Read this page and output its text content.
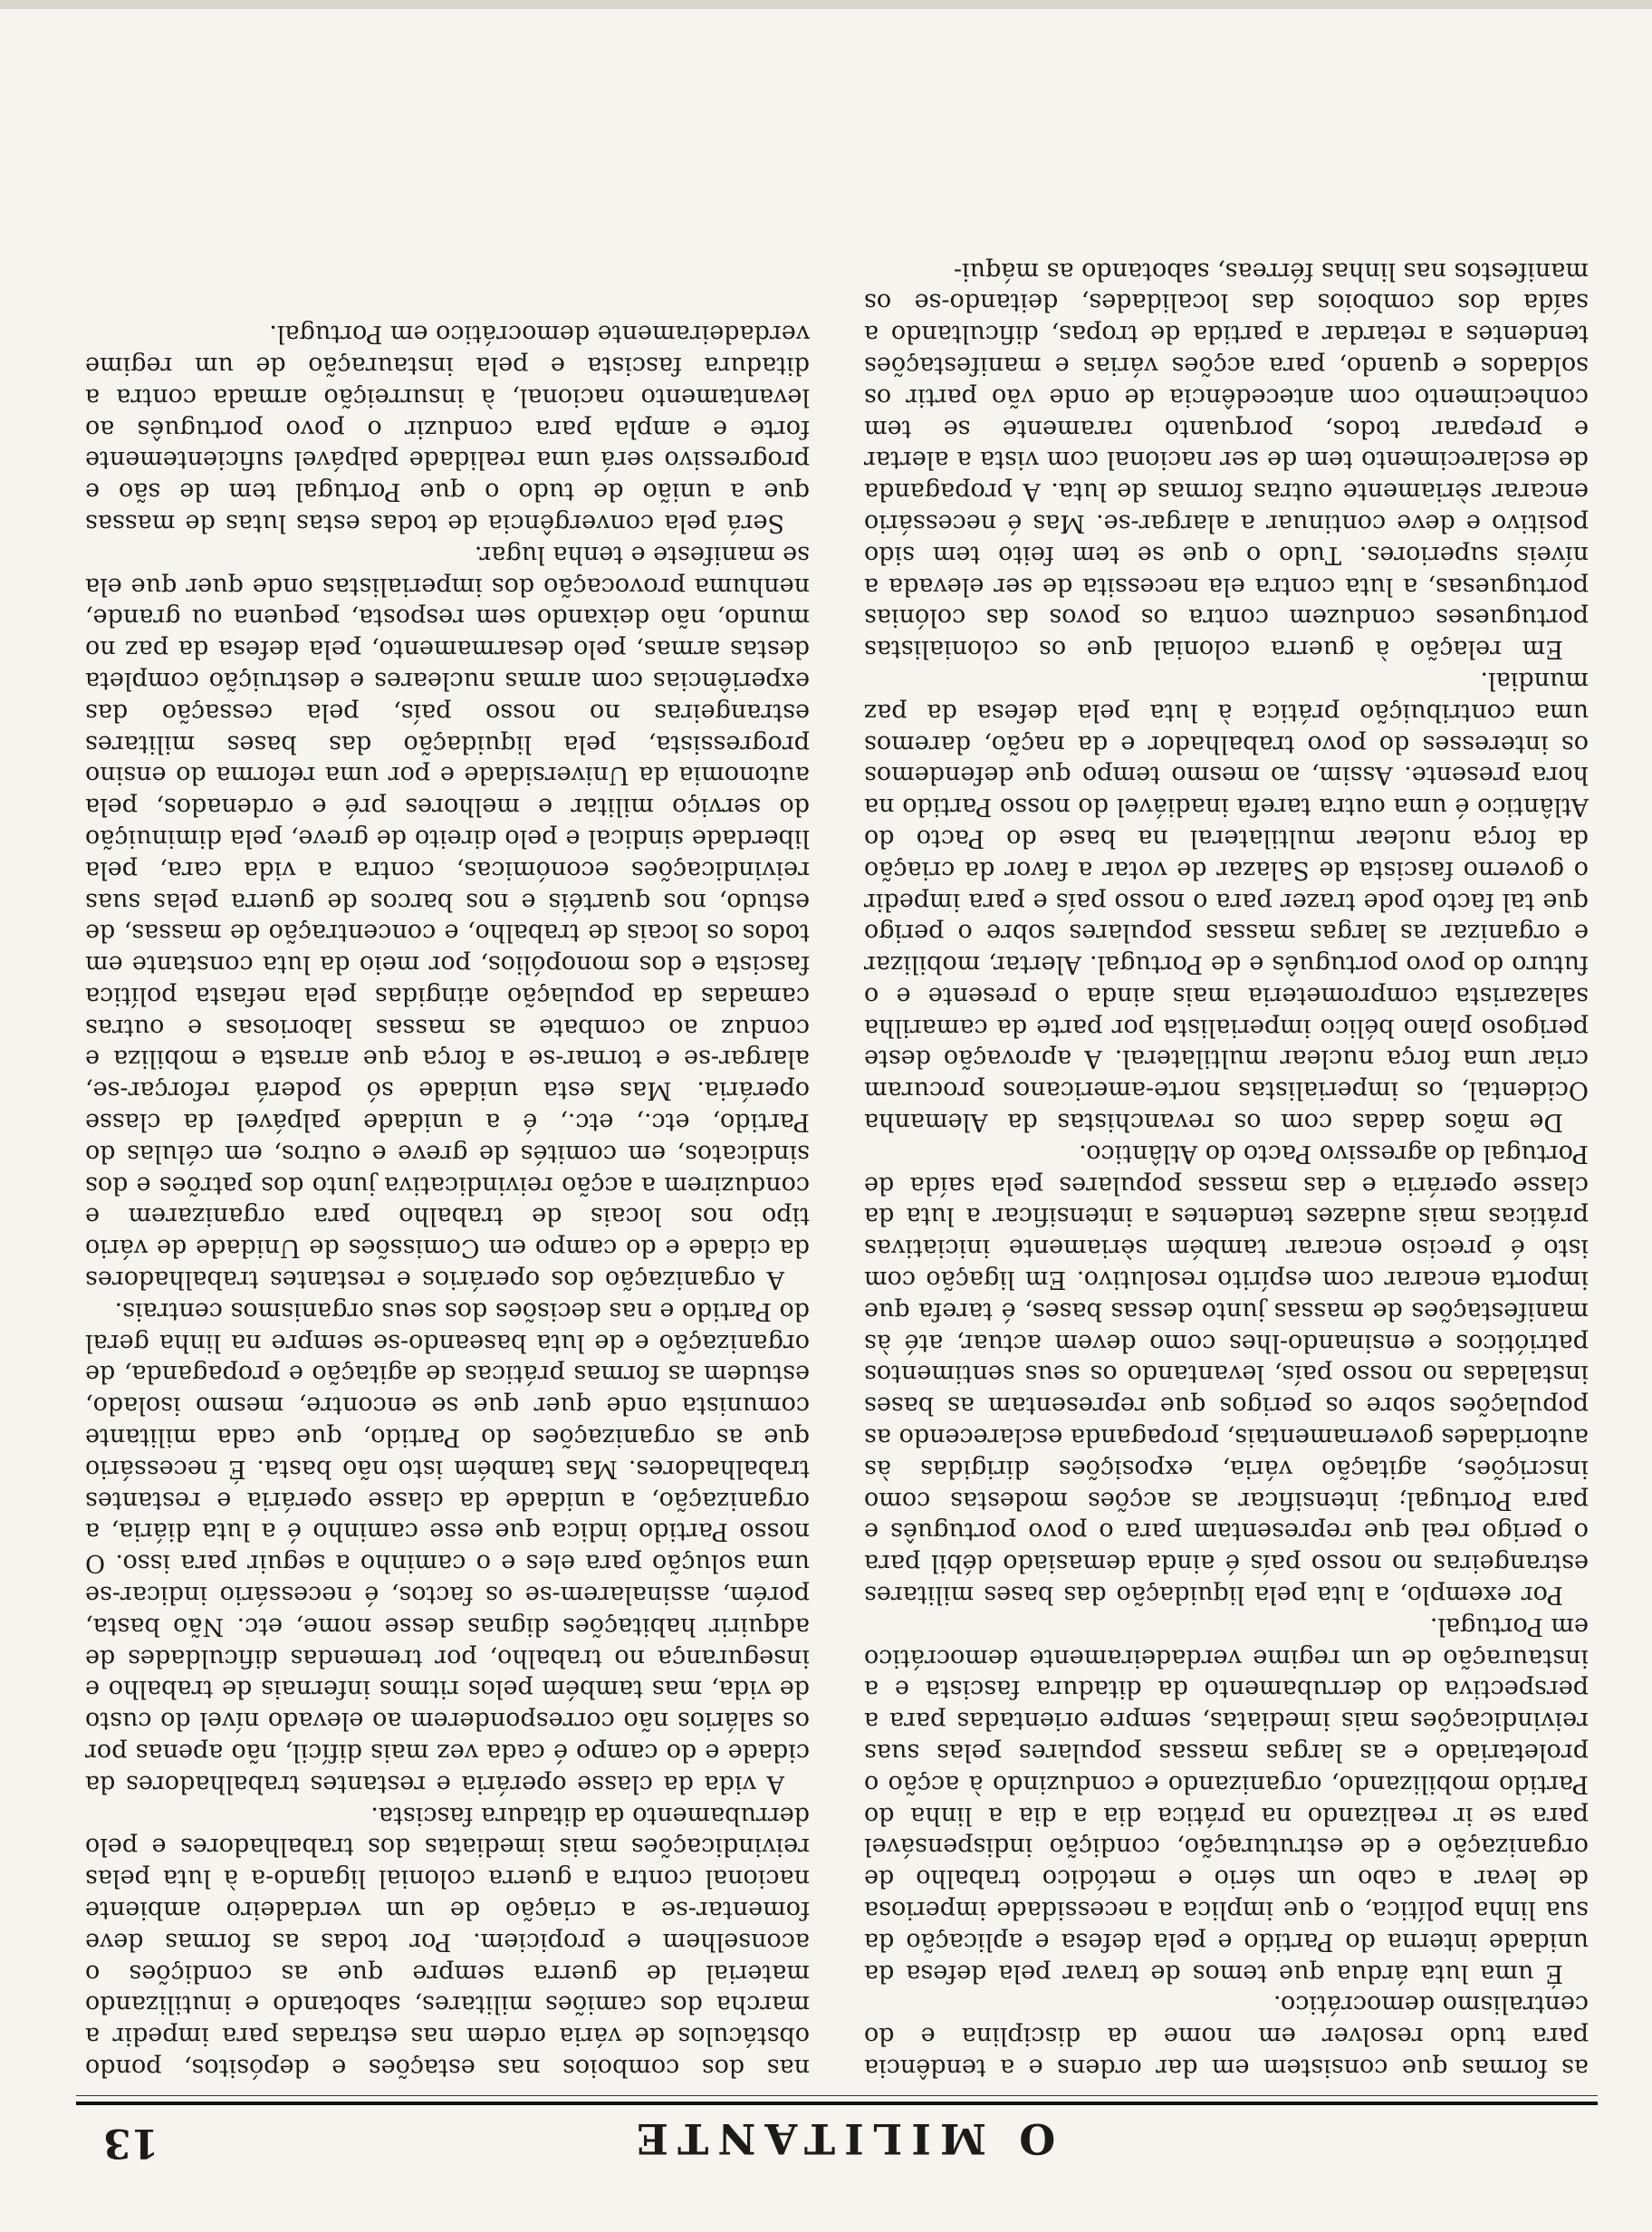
O MILITANTE
13

as formas que consistem em dar ordens e a tendência para tudo resolver em nome da disciplina e do centralismo democrático.

É uma luta árdua que temos de travar pela defesa da unidade interna do Partido e pela defesa e aplicação da sua linha política, o que implica a necessidade imperiosa de levar a cabo um sério e metódico trabalho de organização e de estruturação, condição indispensável para se ir realizando na prática dia a dia a linha do Partido mobilizando, organizando e conduzindo à acção o proletariado e as largas massas populares pelas suas reivindicações mais imediatas, sempre orientadas para a perspectiva do derrubamento da ditadura fascista e a instauração de um regime verdadeiramente democrático em Portugal.

Por exemplo, a luta pela liquidação das bases militares estrangeiras no nosso país é ainda demasiado débil para o perigo real que representam para o povo português e para Portugal; intensificar as acções modestas como inscrições, agitação vária, exposições dirigidas às autoridades governamentais, propaganda esclarecendo as populações sobre os perigos que representam as bases instaladas no nosso país, levantando os seus sentimentos patrióticos e ensinando-lhes como devem actuar, até às manifestações de massas junto dessas bases, é tarefa que importa encarar com espírito resolutivo. Em ligação com isto é preciso encarar também sèriamente iniciativas práticas mais audazes tendentes a intensificar a luta da classe operária e das massas populares pela saída de Portugal do agressivo Pacto do Atlântico.

De mãos dadas com os revanchistas da Alemanha Ocidental, os imperialistas norte-americanos procuram criar uma força nuclear multilateral. A aprovação deste perigoso plano bélico imperialista por parte da camarilha salazarista comprometeria mais ainda o presente e o futuro do povo português e de Portugal. Alertar, mobilizar e organizar as largas massas populares sobre o perigo que tal facto pode trazer para o nosso país e para impedir o governo fascista de Salazar de votar a favor da criação da força nuclear multilateral na base do Pacto do Atlântico é uma outra tarefa inadiável do nosso Partido na hora presente. Assim, ao mesmo tempo que defendemos os interesses do povo trabalhador e da nação, daremos uma contribuição prática à luta pela defesa da paz mundial.

Em relação à guerra colonial que os colonialistas portugueses conduzem contra os povos das colónias portuguesas, a luta contra ela necessita de ser elevada a níveis superiores. Tudo o que se tem feito tem sido positivo e deve continuar a alargar-se. Mas é necessário encarar sèriamente outras formas de luta. A propaganda de esclarecimento tem de ser nacional com vista a alertar e preparar todos, porquanto raramente se tem conhecimento com antecedência de onde vão partir os soldados e quando, para acções várias e manifestações tendentes a retardar a partida de tropas, dificultando a saída dos comboios das localidades, deitando-se os manifestos nas linhas férreas, sabotando as máqui-

nas dos comboios nas estações e depósitos, pondo obstáculos de vária ordem nas estradas para impedir a marcha dos camiões militares, sabotando e inutilizando material de guerra sempre que as condições o aconselhem e propiciem. Por todas as formas deve fomentar-se a criação de um verdadeiro ambiente nacional contra a guerra colonial ligando-a à luta pelas reivindicações mais imediatas dos trabalhadores e pelo derrubamento da ditadura fascista.

A vida da classe operária e restantes trabalhadores da cidade e do campo é cada vez mais difícil, não apenas por os salários não corresponderem ao elevado nível do custo de vida, mas também pelos ritmos infernais de trabalho e insegurança no trabalho, por tremendas dificuldades de adquirir habitações dignas desse nome, etc. Não basta, porém, assinalarem-se os factos, é necessário indicar-se uma solução para eles e o caminho a seguir para isso. O nosso Partido indica que esse caminho é a luta diária, a organização, a unidade da classe operária e restantes trabalhadores. Mas também isto não basta. É necessário que as organizações do Partido, que cada militante comunista onde quer que se encontre, mesmo isolado, estudem as formas práticas de agitação e propaganda, de organização e de luta baseando-se sempre na linha geral do Partido e nas decisões dos seus organismos centrais.

A organização dos operários e restantes trabalhadores da cidade e do campo em Comissões de Unidade de vário tipo nos locais de trabalho para organizarem e conduzirem a acção reivindicativa junto dos patrões e dos sindicatos, em comités de greve e outros, em células do Partido, etc., etc., é a unidade palpável da classe operária. Mas esta unidade só poderá reforçar-se, alargar-se e tornar-se a força que arrasta e mobiliza e conduz ao combate as massas laboriosas e outras camadas da população atingidas pela nefasta política fascista e dos monopólios, por meio da luta constante em todos os locais de trabalho, e concentração de massas, de estudo, nos quartéis e nos barcos de guerra pelas suas reivindicações económicas, contra a vida cara, pela liberdade sindical e pelo direito de greve, pela diminuição do serviço militar e melhores pré e ordenados, pela autonomia da Universidade e por uma reforma do ensino progressista, pela liquidação das bases militares estrangeiras no nosso país, pela cessação das experiências com armas nucleares e destruição completa destas armas, pelo desarmamento, pela defesa da paz no mundo, não deixando sem resposta, pequena ou grande, nenhuma provocação dos imperialistas onde quer que ela se manifeste e tenha lugar.

Será pela convergência de todas estas lutas de massas que a união de tudo o que Portugal tem de são e progressivo será uma realidade palpável suficientemente forte e ampla para conduzir o povo português ao levantamento nacional, à insurreição armada contra a ditadura fascista e pela instauração de um regime verdadeiramente democrático em Portugal.
